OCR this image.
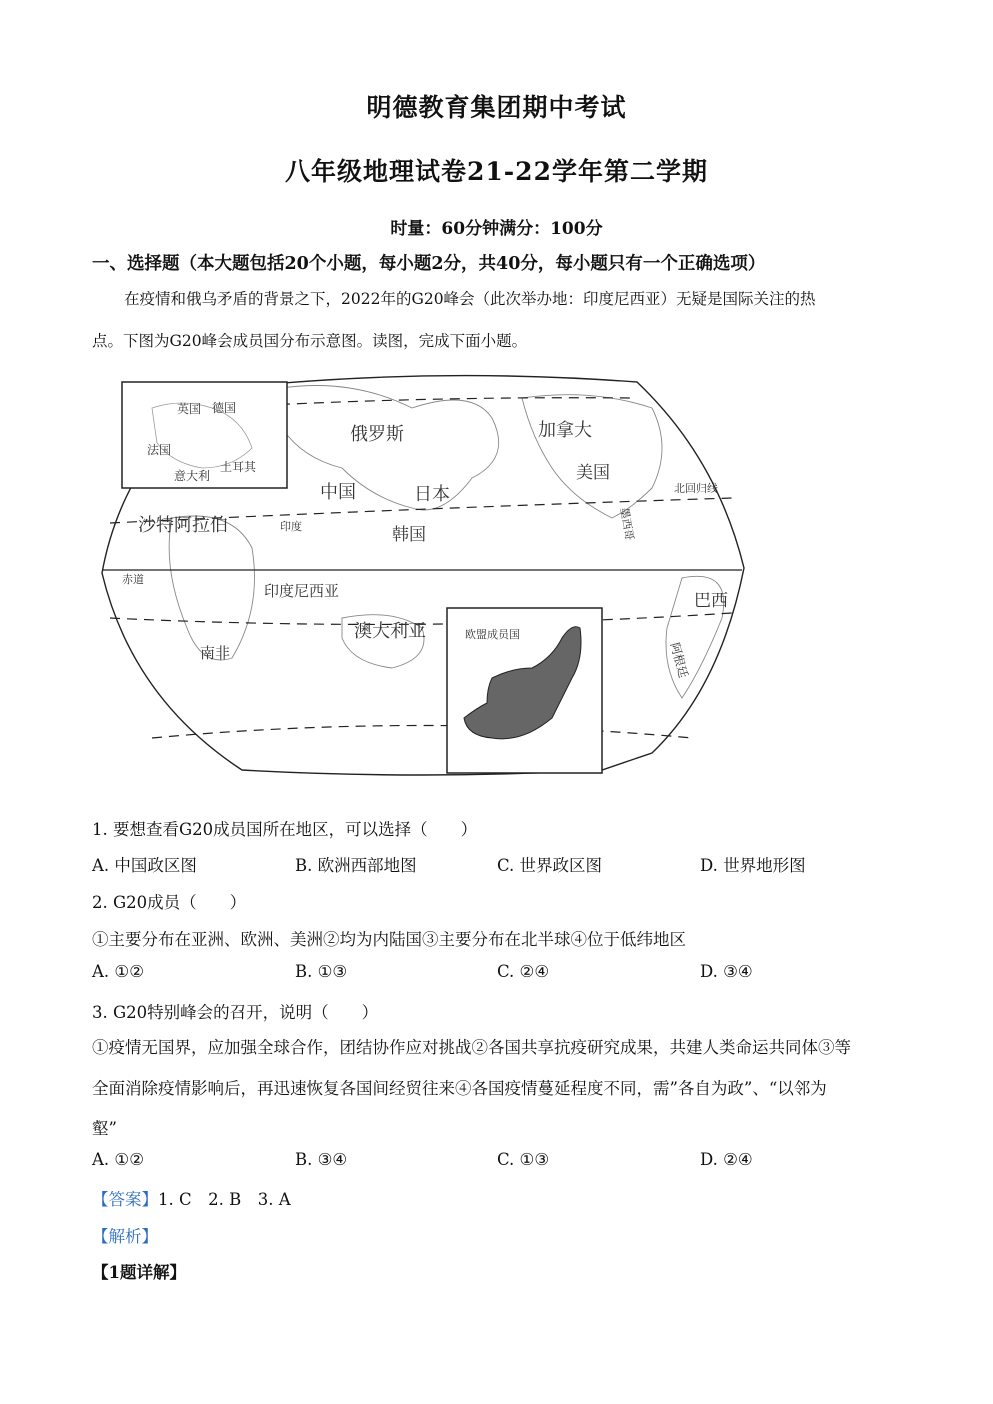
明德教育集团期中考试
八年级地理试卷21-22学年第二学期
时量：60分钟满分：100分
一、选择题（本大题包括20个小题，每小题2分，共40分，每小题只有一个正确选项）
在疫情和俄乌矛盾的背景之下，2022年的G20峰会（此次举办地：印度尼西亚）无疑是国际关注的热
点。下图为G20峰会成员国分布示意图。读图，完成下面小题。
英国 德国
法国
意大利
土耳其
俄罗斯	加拿大
美国
中国	日本
韩国
沙特阿拉伯	印度
印度尼西亚
澳大利亚
南非
巴西
阿根廷
墨西哥
赤道
北回归线
欧盟成员国
1. 要想查看G20成员国所在地区，可以选择（　　）
A. 中国政区图	B. 欧洲西部地图	C. 世界政区图	D. 世界地形图
2. G20成员（　　）
①主要分布在亚洲、欧洲、美洲②均为内陆国③主要分布在北半球④位于低纬地区
A. ①②	B. ①③	C. ②④	D. ③④
3. G20特别峰会的召开，说明（　　）
①疫情无国界，应加强全球合作，团结协作应对挑战②各国共享抗疫研究成果，共建人类命运共同体③等
全面消除疫情影响后，再迅速恢复各国间经贸往来④各国疫情蔓延程度不同，需”各自为政”、“以邻为
壑”
A. ①②	B. ③④	C. ①③	D. ②④
【答案】1. C　2. B　3. A
【解析】
【1题详解】
